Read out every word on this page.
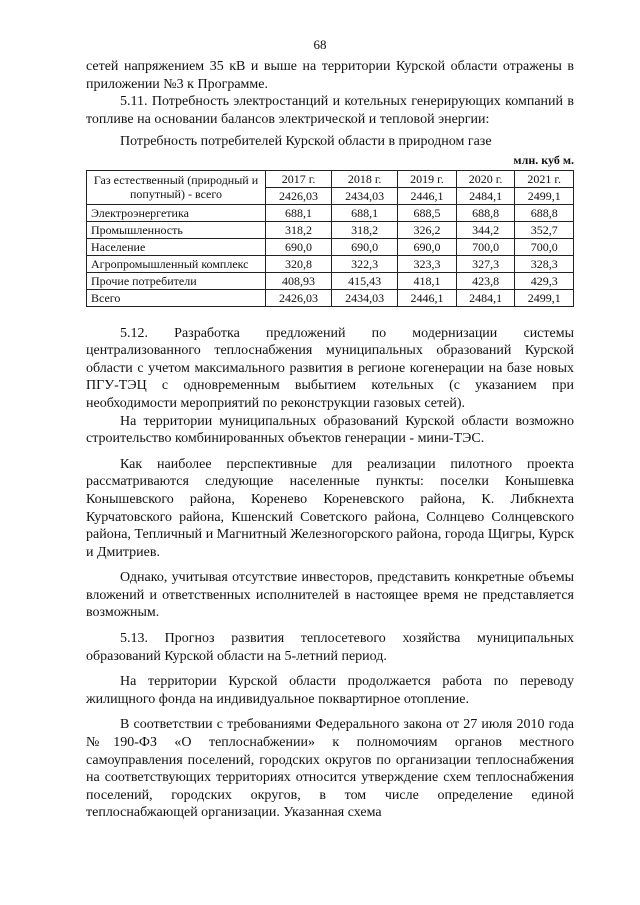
68

сетей напряжением 35 кВ и выше на территории Курской области отражены в приложении №3 к Программе.

5.11. Потребность электростанций и котельных генерирующих компаний в топливе на основании балансов электрической и тепловой энергии:

Потребность потребителей Курской области в природном газе
млн. куб м.
Газ естественный (природный и попутный) - всего	2017 г.	2018 г.	2019 г.	2020 г.	2021 г.
	2426,03	2434,03	2446,1	2484,1	2499,1
Электроэнергетика	688,1	688,1	688,5	688,8	688,8
Промышленность	318,2	318,2	326,2	344,2	352,7
Население	690,0	690,0	690,0	700,0	700,0
Агропромышленный комплекс	320,8	322,3	323,3	327,3	328,3
Прочие потребители	408,93	415,43	418,1	423,8	429,3
Всего	2426,03	2434,03	2446,1	2484,1	2499,1

5.12. Разработка предложений по модернизации системы централизованного теплоснабжения муниципальных образований Курской области с учетом максимального развития в регионе когенерации на базе новых ПГУ-ТЭЦ с одновременным выбытием котельных (с указанием при необходимости мероприятий по реконструкции газовых сетей).

На территории муниципальных образований Курской области возможно строительство комбинированных объектов генерации - мини-ТЭС.

Как наиболее перспективные для реализации пилотного проекта рассматриваются следующие населенные пункты: поселки Конышевка Конышевского района, Кореневo Кореневского района, К. Либкнехта Курчатовского района, Кшенский Советского района, Солнцево Солнцевского района, Тепличный и Магнитный Железногорского района, города Щигры, Курск и Дмитриев.

Однако, учитывая отсутствие инвесторов, представить конкретные объемы вложений и ответственных исполнителей в настоящее время не представляется возможным.

5.13. Прогноз развития теплосетевого хозяйства муниципальных образований Курской области на 5-летний период.

На территории Курской области продолжается работа по переводу жилищного фонда на индивидуальное поквартирное отопление.

В соответствии с требованиями Федерального закона от 27 июля 2010 года №190-ФЗ «О теплоснабжении» к полномочиям органов местного самоуправления поселений, городских округов по организации теплоснабжения на соответствующих территориях относится утверждение схем теплоснабжения поселений, городских округов, в том числе определение единой теплоснабжающей организации. Указанная схема
